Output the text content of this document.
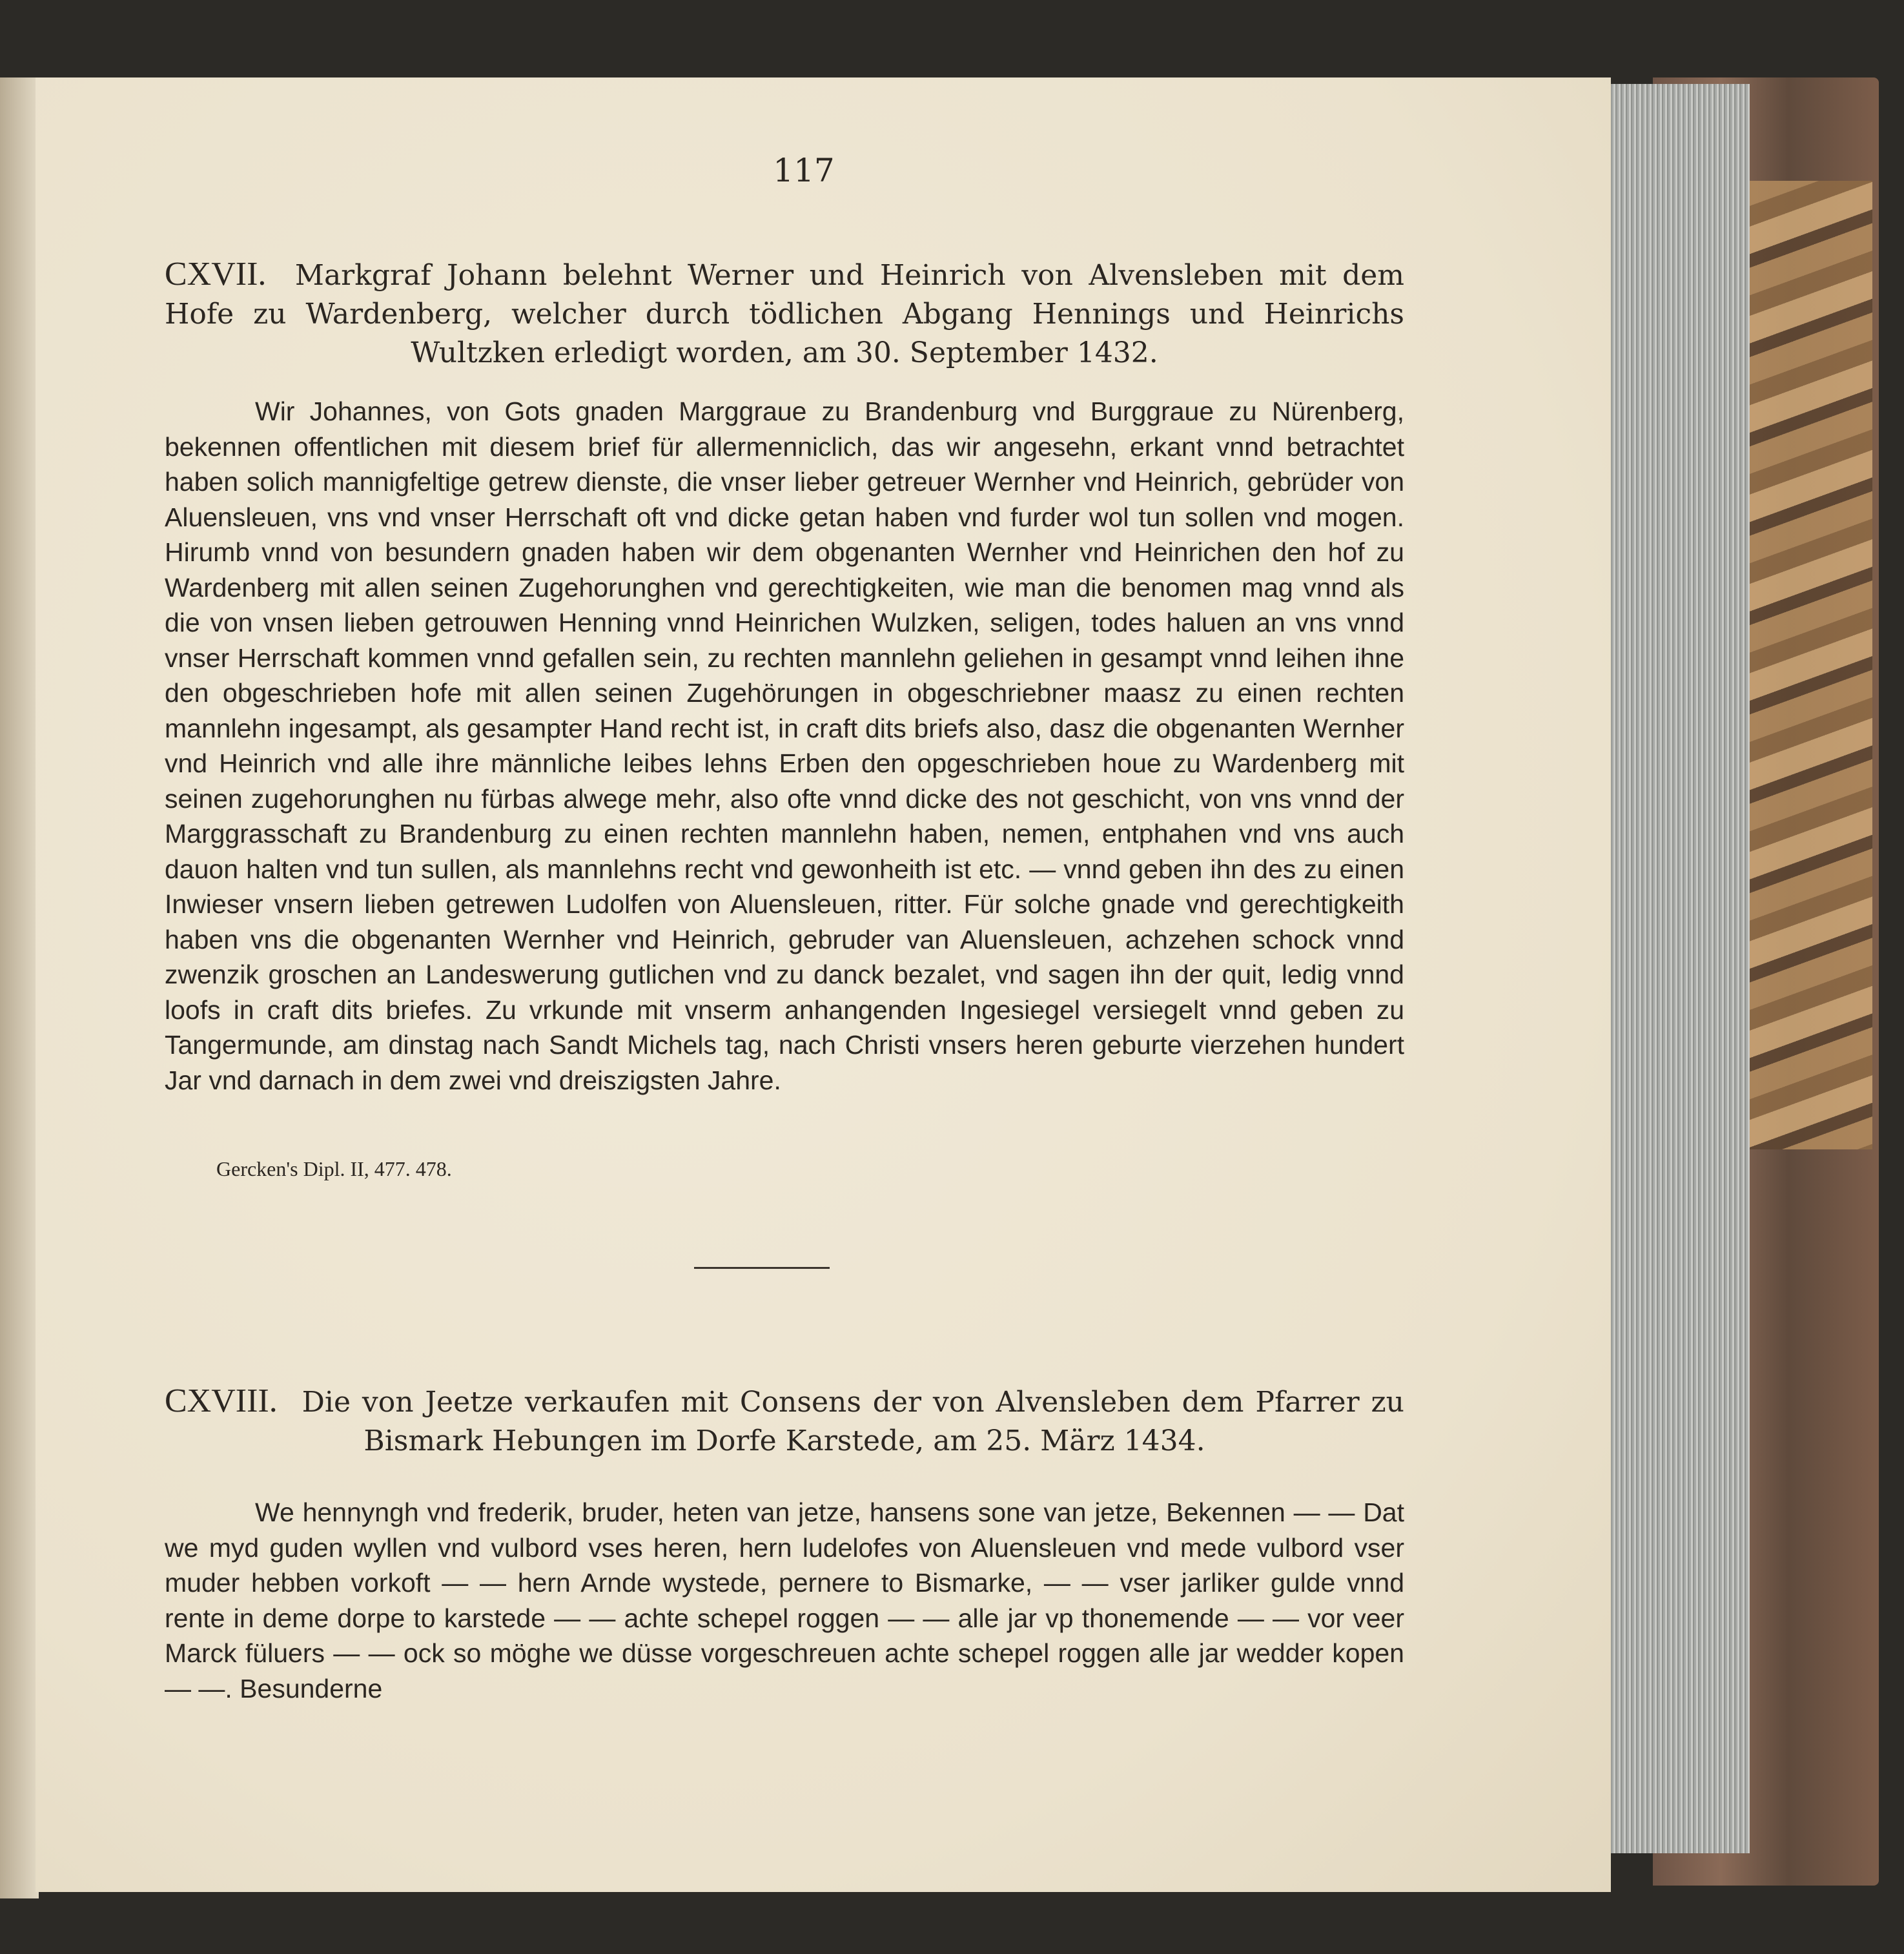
117
CXVII. Markgraf Johann belehnt Werner und Heinrich von Alvensleben mit dem Hofe zu Wardenberg, welcher durch tödlichen Abgang Hennings und Heinrichs Wultzken erledigt worden, am 30. September 1432.

Wir Johannes, von Gots gnaden Marggraue zu Brandenburg vnd Burggraue zu Nürenberg, bekennen offentlichen mit diesem brief für allermenniclich, das wir angesehn, erkant vnnd betrachtet haben solich mannigfeltige getrew dienste, die vnser lieber getreuer Wernher vnd Heinrich, gebrüder von Aluensleuen, vns vnd vnser Herrschaft oft vnd dicke getan haben vnd furder wol tun sollen vnd mogen. Hirumb vnnd von besundern gnaden haben wir dem obgenanten Wernher vnd Heinrichen den hof zu Wardenberg mit allen seinen Zugehorunghen vnd gerechtigkeiten, wie man die benomen mag vnnd als die von vnsen lieben getrouwen Henning vnnd Heinrichen Wulzken, seligen, todes haluen an vns vnnd vnser Herrschaft kommen vnnd gefallen sein, zu rechten mannlehn geliehen in gesampt vnnd leihen ihne den obgeschrieben hofe mit allen seinen Zugehörungen in obgeschriebner maasz zu einen rechten mannlehn ingesampt, als gesampter Hand recht ist, in craft dits briefs also, dasz die obgenanten Wernher vnd Heinrich vnd alle ihre männliche leibes lehns Erben den opgeschrieben houe zu Wardenberg mit seinen zugehorunghen nu fürbas alwege mehr, also ofte vnnd dicke des not geschicht, von vns vnnd der Marggrasschaft zu Brandenburg zu einen rechten mannlehn haben, nemen, entphahen vnd vns auch dauon halten vnd tun sullen, als mannlehns recht vnd gewonheith ist etc. — vnnd geben ihn des zu einen Inwieser vnsern lieben getrewen Ludolfen von Aluensleuen, ritter. Für solche gnade vnd gerechtigkeith haben vns die obgenanten Wernher vnd Heinrich, gebruder van Aluensleuen, achzehen schock vnnd zwenzik groschen an Landeswerung gutlichen vnd zu danck bezalet, vnd sagen ihn der quit, ledig vnnd loofs in craft dits briefes. Zu vrkunde mit vnserm anhangenden Ingesiegel versiegelt vnnd geben zu Tangermunde, am dinstag nach Sandt Michels tag, nach Christi vnsers heren geburte vierzehen hundert Jar vnd darnach in dem zwei vnd dreiszigsten Jahre.

Gercken's Dipl. II, 477. 478.
CXVIII. Die von Jeetze verkaufen mit Consens der von Alvensleben dem Pfarrer zu Bismark Hebungen im Dorfe Karstede, am 25. März 1434.

We hennyngh vnd frederik, bruder, heten van jetze, hansens sone van jetze, Bekennen — — Dat we myd guden wyllen vnd vulbord vses heren, hern ludelofes von Aluensleuen vnd mede vulbord vser muder hebben vorkoft — — hern Arnde wystede, pernere to Bismarke, — — vser jarliker gulde vnnd rente in deme dorpe to karstede — — achte schepel roggen — — alle jar vp thonemende — — vor veer Marck füluers — — ock so möghe we düsse vorgeschreuen achte schepel roggen alle jar wedder kopen — —. Besunderne
